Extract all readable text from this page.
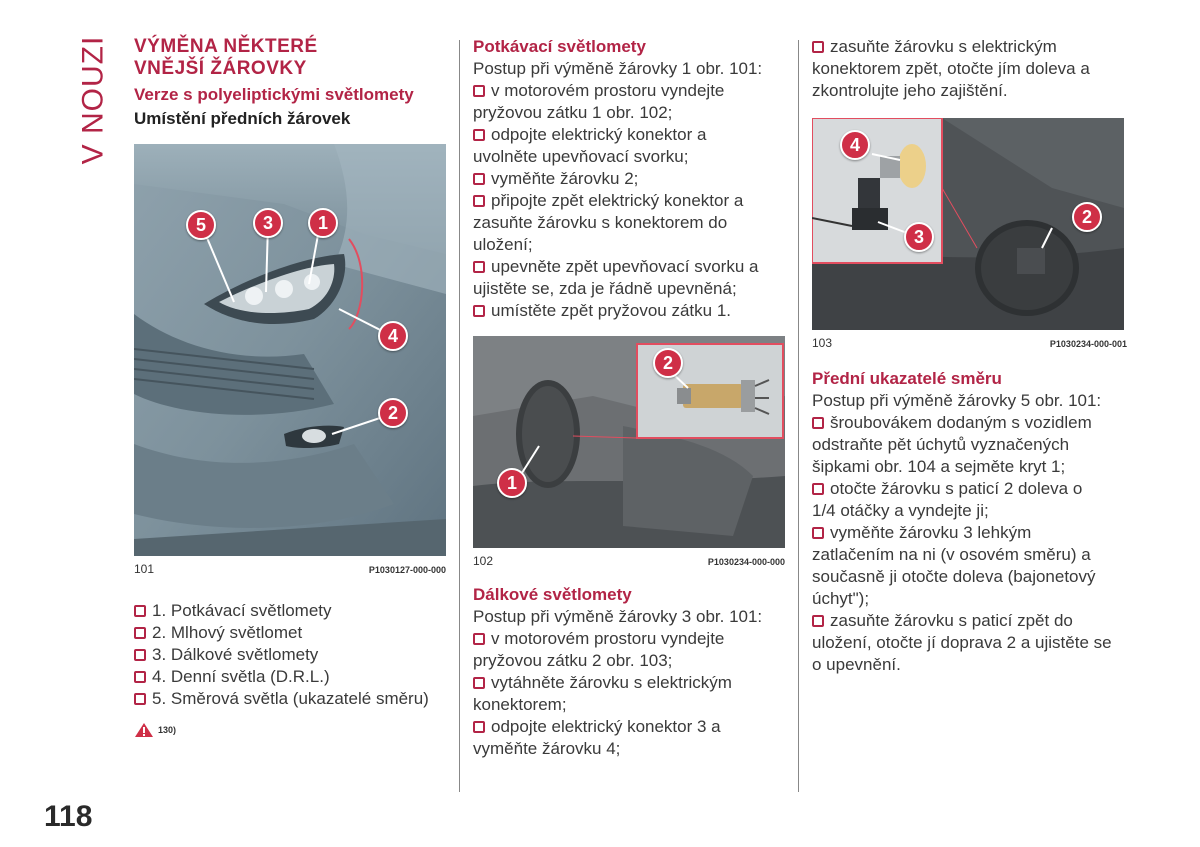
V NOUZI
118
VÝMĚNA NĚKTERÉ
VNĚJŠÍ ŽÁROVKY
Verze s polyeliptickými světlomety
Umístění předních žárovek
5	3	1
4
2
101	P1030127-000-000
1. Potkávací světlomety
2. Mlhový světlomet
3. Dálkové světlomety
4. Denní světla (D.R.L.)
5. Směrová světla (ukazatelé směru)
130)
Potkávací světlomety
Postup při výměně žárovky 1 obr. 101:
v motorovém prostoru vyndejte
pryžovou zátku 1 obr. 102;
odpojte elektrický konektor a
uvolněte upevňovací svorku;
vyměňte žárovku 2;
připojte zpět elektrický konektor a
zasuňte žárovku s konektorem do
uložení;
upevněte zpět upevňovací svorku a
ujistěte se, zda je řádně upevněná;
umístěte zpět pryžovou zátku 1.
2
1
102	P1030234-000-000
Dálkové světlomety
Postup při výměně žárovky 3 obr. 101:
v motorovém prostoru vyndejte
pryžovou zátku 2 obr. 103;
vytáhněte žárovku s elektrickým
konektorem;
odpojte elektrický konektor 3 a
vyměňte žárovku 4;
zasuňte žárovku s elektrickým
konektorem zpět, otočte jím doleva a
zkontrolujte jeho zajištění.
4
2
3
103	P1030234-000-001
Přední ukazatelé směru
Postup při výměně žárovky 5 obr. 101:
šroubovákem dodaným s vozidlem
odstraňte pět úchytů vyznačených
šipkami obr. 104 a sejměte kryt 1;
otočte žárovku s paticí 2 doleva o
1/4 otáčky a vyndejte ji;
vyměňte žárovku 3 lehkým
zatlačením na ni (v osovém směru) a
současně ji otočte doleva (bajonetový
úchyt");
zasuňte žárovku s paticí zpět do
uložení, otočte jí doprava 2 a ujistěte se
o upevnění.
